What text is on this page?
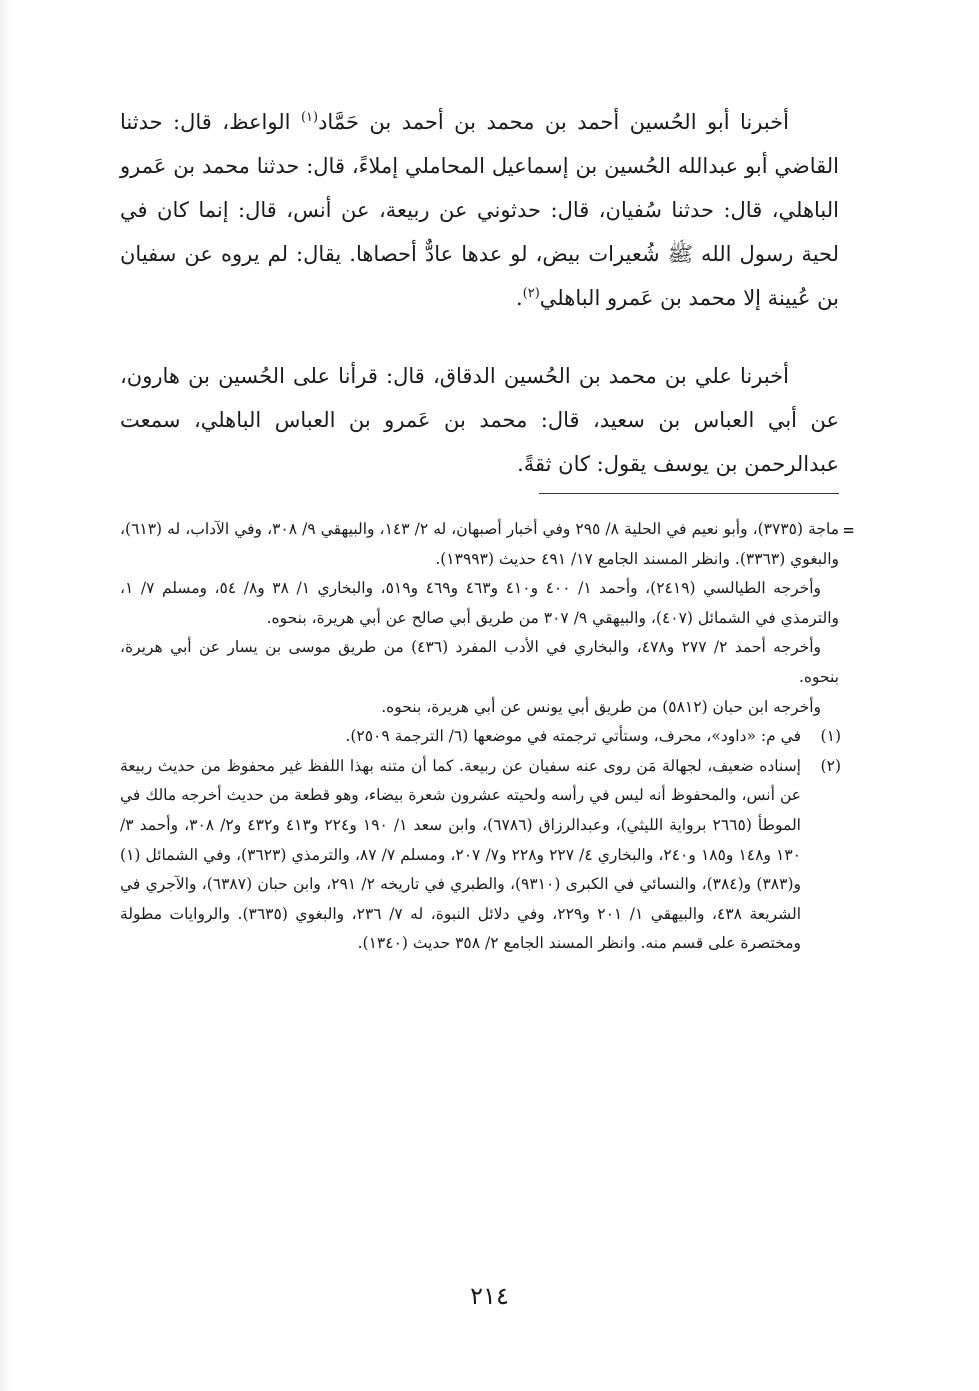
أخبرنا أبو الحُسين أحمد بن محمد بن أحمد بن حَمَّاد$^{(١)}$ الواعظ، قال: حدثنا القاضي أبو عبدالله الحُسين بن إسماعيل المحاملي إملاءً، قال: حدثنا محمد بن عَمرو الباهلي، قال: حدثنا سُفيان، قال: حدثوني عن ربيعة، عن أنس، قال: إنما كان في لحية رسول الله ﷺ شُعيرات بيض، لو عدها عادٌّ أحصاها. يقال: لم يروه عن سفيان بن عُيينة إلا محمد بن عَمرو الباهلي$^{(٢)}$.

أخبرنا علي بن محمد بن الحُسين الدقاق، قال: قرأنا على الحُسين بن هارون، عن أبي العباس بن سعيد، قال: محمد بن عَمرو بن العباس الباهلي، سمعت عبدالرحمن بن يوسف يقول: كان ثقةً.

=

ماجة (٣٧٣٥)، وأبو نعيم في الحلية ٨/ ٢٩٥ وفي أخبار أصبهان، له ٢/ ١٤٣، والبيهقي ٩/ ٣٠٨، وفي الآداب، له (٦١٣)، والبغوي (٣٣٦٣). وانظر المسند الجامع ١٧/ ٤٩١ حديث (١٣٩٩٣).

وأخرجه الطيالسي (٢٤١٩)، وأحمد ١/ ٤٠٠ و٤١٠ و٤٦٣ و٤٦٩ و٥١٩، والبخاري ١/ ٣٨ و٨/ ٥٤، ومسلم ٧/ ١، والترمذي في الشمائل (٤٠٧)، والبيهقي ٩/ ٣٠٧ من طريق أبي صالح عن أبي هريرة، بنحوه.

وأخرجه أحمد ٢/ ٢٧٧ و٤٧٨، والبخاري في الأدب المفرد (٤٣٦) من طريق موسى بن يسار عن أبي هريرة، بنحوه.

وأخرجه ابن حبان (٥٨١٢) من طريق أبي يونس عن أبي هريرة، بنحوه.

(١)
في م: «داود»، محرف، وستأتي ترجمته في موضعها (٦/ الترجمة ٢٥٠٩).

(٢)
إسناده ضعيف، لجهالة مَن روى عنه سفيان عن ربيعة. كما أن متنه بهذا اللفظ غير محفوظ من حديث ربيعة عن أنس، والمحفوظ أنه ليس في رأسه ولحيته عشرون شعرة بيضاء، وهو قطعة من حديث أخرجه مالك في الموطأ (٢٦٦٥ برواية الليثي)، وعبدالرزاق (٦٧٨٦)، وابن سعد ١/ ١٩٠ و٢٢٤ و٤١٣ و٤٣٢ و٢/ ٣٠٨، وأحمد ٣/ ١٣٠ و١٤٨ و١٨٥ و٢٤٠، والبخاري ٤/ ٢٢٧ و٢٢٨ و٧/ ٢٠٧، ومسلم ٧/ ٨٧، والترمذي (٣٦٢٣)، وفي الشمائل (١) و(٣٨٣) و(٣٨٤)، والنسائي في الكبرى (٩٣١٠)، والطبري في تاريخه ٢/ ٢٩١، وابن حبان (٦٣٨٧)، والآجري في الشريعة ٤٣٨، والبيهقي ١/ ٢٠١ و٢٢٩، وفي دلائل النبوة، له ٧/ ٢٣٦، والبغوي (٣٦٣٥). والروايات مطولة ومختصرة على قسم منه. وانظر المسند الجامع ٢/ ٣٥٨ حديث (١٣٤٠).

٢١٤
